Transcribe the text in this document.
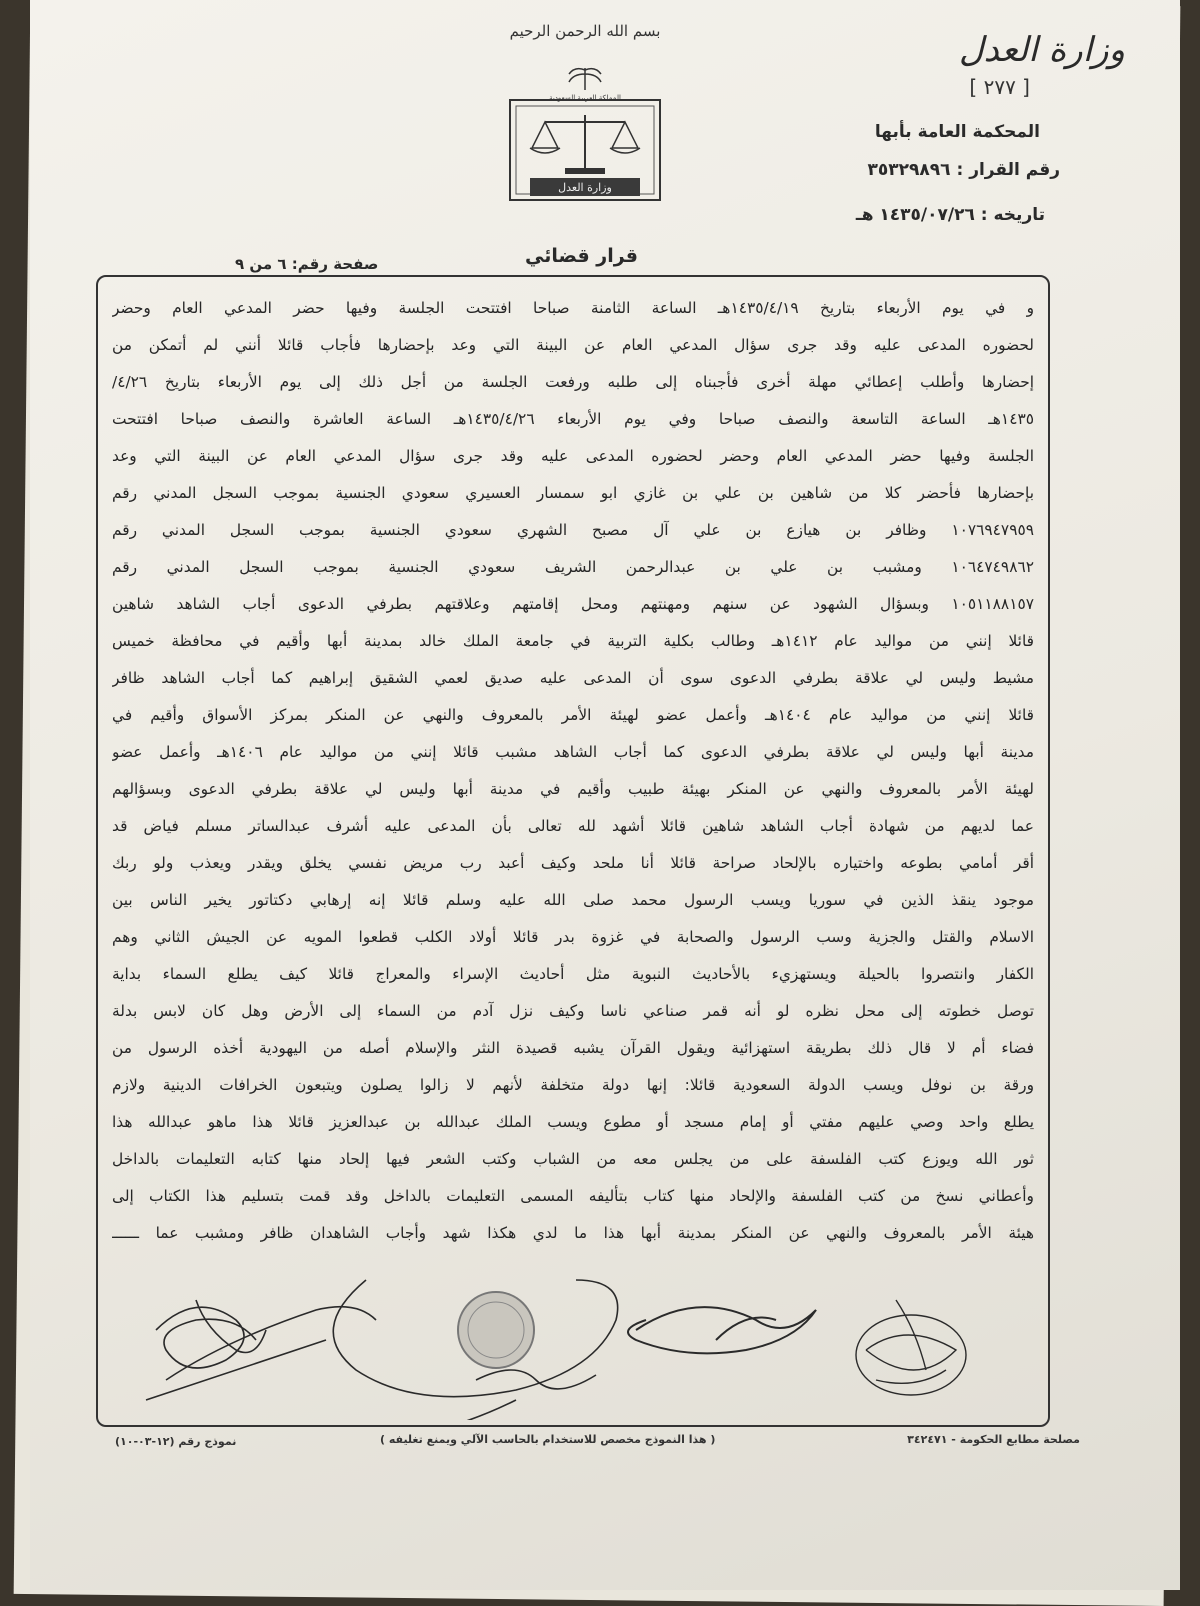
بسم الله الرحمن الرحيم
المملكة العربية السعودية
وزارة العدل
وزارة العدل
[ ٢٧٧ ]
المحكمة العامة بأبها
رقم القرار : ٣٥٣٢٩٨٩٦
تاريخه : ١٤٣٥/٠٧/٢٦ هـ
قرار قضائي
صفحة رقم: ٦ من ٩
و في يوم الأربعاء بتاريخ ١٤٣٥/٤/١٩هـ الساعة الثامنة صباحا افتتحت الجلسة وفيها حضر المدعي العام وحضر
لحضوره المدعى عليه وقد جرى سؤال المدعي العام عن البينة التي وعد بإحضارها فأجاب قائلا أنني لم أتمكن من
إحضارها وأطلب إعطائي مهلة أخرى فأجبناه إلى طلبه ورفعت الجلسة من أجل ذلك إلى يوم الأربعاء بتاريخ ٤/٢٦/
١٤٣٥هـ الساعة التاسعة والنصف صباحا وفي يوم الأربعاء ١٤٣٥/٤/٢٦هـ الساعة العاشرة والنصف صباحا افتتحت
الجلسة وفيها حضر المدعي العام وحضر لحضوره المدعى عليه وقد جرى سؤال المدعي العام عن البينة التي وعد
بإحضارها فأحضر كلا من شاهين بن علي بن غازي ابو سمسار العسيري سعودي الجنسية بموجب السجل المدني رقم
١٠٧٦٩٤٧٩٥٩ وظافر بن هيازع بن علي آل مصبح الشهري سعودي الجنسية بموجب السجل المدني رقم
١٠٦٤٧٤٩٨٦٢ ومشبب بن علي بن عبدالرحمن الشريف سعودي الجنسية بموجب السجل المدني رقم
١٠٥١١٨٨١٥٧ وبسؤال الشهود عن سنهم ومهنتهم ومحل إقامتهم وعلاقتهم بطرفي الدعوى أجاب الشاهد شاهين
قائلا إنني من مواليد عام ١٤١٢هـ وطالب بكلية التربية في جامعة الملك خالد بمدينة أبها وأقيم في محافظة خميس
مشيط وليس لي علاقة بطرفي الدعوى سوى أن المدعى عليه صديق لعمي الشقيق إبراهيم كما أجاب الشاهد ظافر
قائلا إنني من مواليد عام ١٤٠٤هـ وأعمل عضو لهيئة الأمر بالمعروف والنهي عن المنكر بمركز الأسواق وأقيم في
مدينة أبها وليس لي علاقة بطرفي الدعوى كما أجاب الشاهد مشبب قائلا إنني من مواليد عام ١٤٠٦هـ وأعمل عضو
لهيئة الأمر بالمعروف والنهي عن المنكر بهيئة طبيب وأقيم في مدينة أبها وليس لي علاقة بطرفي الدعوى وبسؤالهم
عما لديهم من شهادة أجاب الشاهد شاهين قائلا أشهد لله تعالى بأن المدعى عليه أشرف عبدالساتر مسلم فياض قد
أقر أمامي بطوعه واختياره بالإلحاد صراحة قائلا أنا ملحد وكيف أعبد رب مريض نفسي يخلق ويقدر ويعذب ولو ربك
موجود ينقذ الذين في سوريا ويسب الرسول محمد صلى الله عليه وسلم قائلا إنه إرهابي دكتاتور يخير الناس بين
الاسلام والقتل والجزية وسب الرسول والصحابة في غزوة بدر قائلا أولاد الكلب قطعوا المويه عن الجيش الثاني وهم
الكفار وانتصروا بالحيلة ويستهزيء بالأحاديث النبوية مثل أحاديث الإسراء والمعراج قائلا كيف يطلع السماء بداية
توصل خطوته إلى محل نظره لو أنه قمر صناعي ناسا وكيف نزل آدم من السماء إلى الأرض وهل كان لابس بدلة
فضاء أم لا قال ذلك بطريقة استهزائية ويقول القرآن يشبه قصيدة النثر والإسلام أصله من اليهودية أخذه الرسول من
ورقة بن نوفل ويسب الدولة السعودية قائلا: إنها دولة متخلفة لأنهم لا زالوا يصلون ويتبعون الخرافات الدينية ولازم
يطلع واحد وصي عليهم مفتي أو إمام مسجد أو مطوع ويسب الملك عبدالله بن عبدالعزيز قائلا هذا ماهو عبدالله هذا
ثور الله ويوزع كتب الفلسفة على من يجلس معه من الشباب وكتب الشعر فيها إلحاد منها كتابه التعليمات بالداخل
وأعطاني نسخ من كتب الفلسفة والإلحاد منها كتاب بتأليفه المسمى التعليمات بالداخل وقد قمت بتسليم هذا الكتاب إلى
هيئة الأمر بالمعروف والنهي عن المنكر بمدينة أبها هذا ما لدي هكذا شهد وأجاب الشاهدان ظافر ومشبب عما ــــــ
نموذج رقم (١٢-٠٣-١٠)	( هذا النموذج مخصص للاستخدام بالحاسب الآلي ويمنع تغليفه )	مصلحة مطابع الحكومة - ٣٤٢٤٧١
